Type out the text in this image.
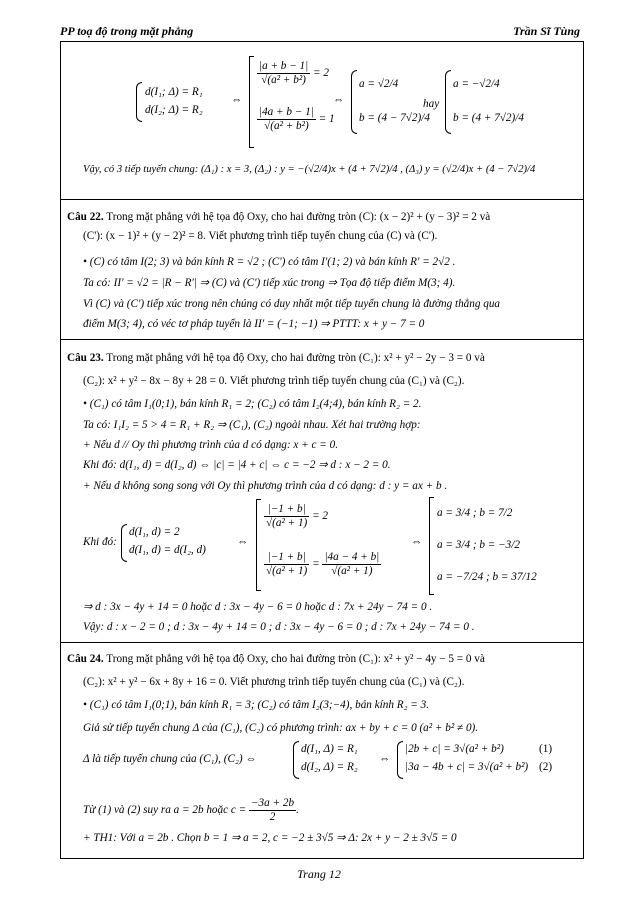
PP toạ độ trong mặt phẳng	Trần Sĩ Tùng
d(I₁; Δ) = R₁
d(I₂; Δ) = R₂
⇔
$\frac{|a + b - 1|}{\text{√(a² + b²)}} = 2$
$\frac{|4a + b - 1|}{\text{√(a² + b²)}} = 1$
⇔
a = √2/4
b = (4 − 7√2)/4
hay
a = −√2/4
b = (4 + 7√2)/4
Vậy, có 3 tiếp tuyến chung: (Δ₁) : x = 3, (Δ₂) : y = −(√2/4)x + (4 + 7√2)/4 , (Δ₃) y = (√2/4)x + (4 − 7√2)/4
Câu 22. Trong mặt phẳng với hệ tọa độ Oxy, cho hai đường tròn (C): (x − 2)² + (y − 3)² = 2 và
(C'): (x − 1)² + (y − 2)² = 8. Viết phương trình tiếp tuyến chung của (C) và (C').
• (C) có tâm I(2; 3) và bán kính R = √2 ; (C') có tâm I'(1; 2) và bán kính R' = 2√2 .
Ta có: II' = √2 = |R − R'| ⇒ (C) và (C') tiếp xúc trong ⇒ Tọa độ tiếp điểm M(3; 4).
Vì (C) và (C') tiếp xúc trong nên chúng có duy nhất một tiếp tuyến chung là đường thẳng qua
điểm M(3; 4), có véc tơ pháp tuyến là II' = (−1; −1) ⇒ PTTT: x + y − 7 = 0
Câu 23. Trong mặt phẳng với hệ tọa độ Oxy, cho hai đường tròn (C₁): x² + y² − 2y − 3 = 0 và
(C₂): x² + y² − 8x − 8y + 28 = 0. Viết phương trình tiếp tuyến chung của (C₁) và (C₂).
• (C₁) có tâm I₁(0;1), bán kính R₁ = 2; (C₂) có tâm I₂(4;4), bán kính R₂ = 2.
Ta có: I₁I₂ = 5 > 4 = R₁ + R₂ ⇒ (C₁), (C₂) ngoài nhau. Xét hai trường hợp:
+ Nếu d // Oy thì phương trình của d có dạng: x + c = 0.
Khi đó: d(I₁, d) = d(I₂, d) ⇔ |c| = |4 + c| ⇔ c = −2 ⇒ d : x − 2 = 0.
+ Nếu d không song song với Oy thì phương trình của d có dạng: d : y = ax + b .
Khi đó:
d(I₁, d) = 2
d(I₁, d) = d(I₂, d)
⇔
$\frac{|-1 + b|}{\text{√(a² + 1)}} = 2$
$\frac{|-1 + b|}{\text{√(a² + 1)}} = \frac{|4a - 4 + b|}{\text{√(a² + 1)}}$
⇔
a = 3/4 ; b = 7/2
a = 3/4 ; b = −3/2
a = −7/24 ; b = 37/12
⇒ d : 3x − 4y + 14 = 0 hoặc d : 3x − 4y − 6 = 0 hoặc d : 7x + 24y − 74 = 0 .
Vậy: d : x − 2 = 0 ; d : 3x − 4y + 14 = 0 ; d : 3x − 4y − 6 = 0 ; d : 7x + 24y − 74 = 0 .
Câu 24. Trong mặt phẳng với hệ tọa độ Oxy, cho hai đường tròn (C₁): x² + y² − 4y − 5 = 0 và
(C₂): x² + y² − 6x + 8y + 16 = 0. Viết phương trình tiếp tuyến chung của (C₁) và (C₂).
• (C₁) có tâm I₁(0;1), bán kính R₁ = 3; (C₂) có tâm I₂(3;−4), bán kính R₂ = 3.
Giả sử tiếp tuyến chung Δ của (C₁), (C₂) có phương trình: ax + by + c = 0 (a² + b² ≠ 0).
Δ là tiếp tuyến chung của (C₁), (C₂) ⇔
d(I₁, Δ) = R₁
d(I₂, Δ) = R₂
⇔
|2b + c| = 3√(a² + b²)
|3a − 4b + c| = 3√(a² + b²)
(1)
(2)
Từ (1) và (2) suy ra a = 2b hoặc $c = \frac{-3a + 2b}{2}$ .
+ TH1: Với a = 2b . Chọn b = 1 ⇒ a = 2, c = −2 ± 3√5 ⇒ Δ: 2x + y − 2 ± 3√5 = 0
Trang 12
